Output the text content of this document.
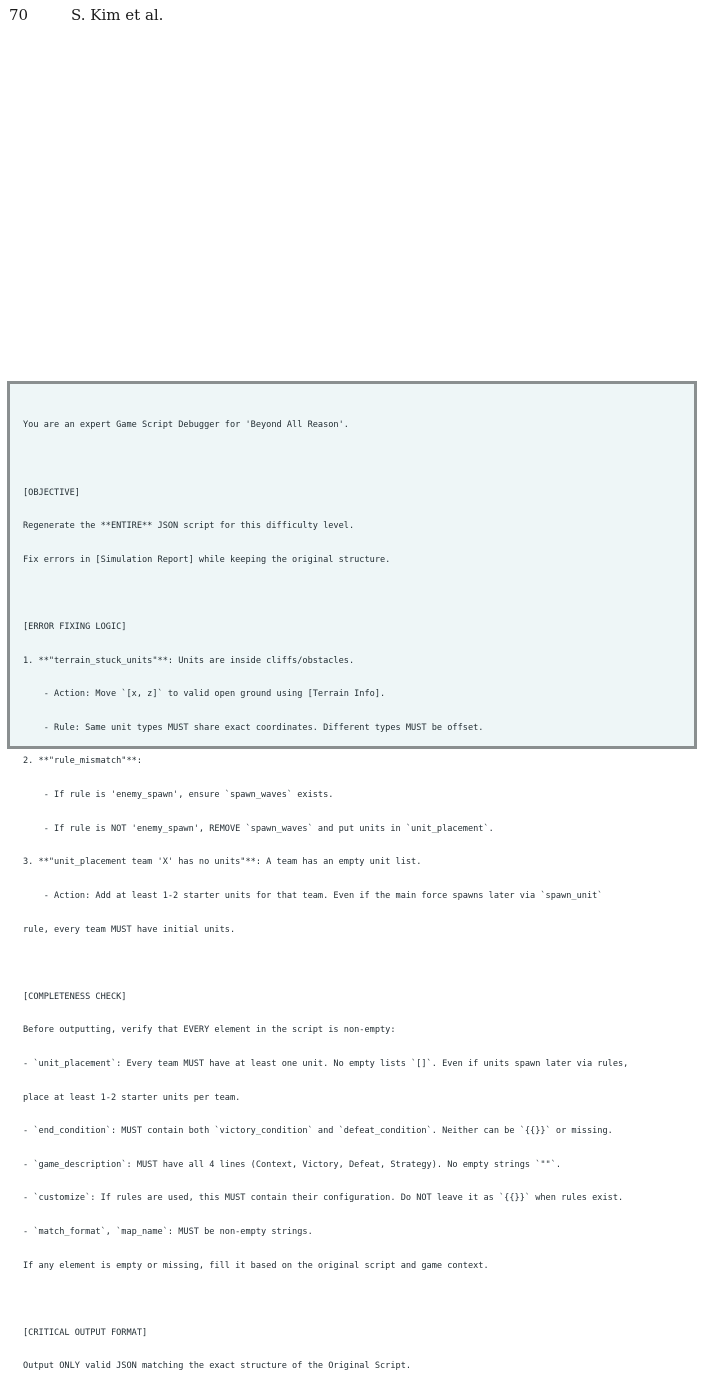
70	S. Kim et al.

You are an expert Game Script Debugger for 'Beyond All Reason'.

[OBJECTIVE]

Regenerate the **ENTIRE** JSON script for this difficulty level.

Fix errors in [Simulation Report] while keeping the original structure.

[ERROR FIXING LOGIC]

1. **"terrain_stuck_units"**: Units are inside cliffs/obstacles.

- Action: Move `[x, z]` to valid open ground using [Terrain Info].

- Rule: Same unit types MUST share exact coordinates. Different types MUST be offset.

2. **"rule_mismatch"**:

- If rule is 'enemy_spawn', ensure `spawn_waves` exists.

- If rule is NOT 'enemy_spawn', REMOVE `spawn_waves` and put units in `unit_placement`.

3. **"unit_placement team 'X' has no units"**: A team has an empty unit list.

- Action: Add at least 1-2 starter units for that team. Even if the main force spawns later via `spawn_unit`

rule, every team MUST have initial units.

[COMPLETENESS CHECK]

Before outputting, verify that EVERY element in the script is non-empty:

- `unit_placement`: Every team MUST have at least one unit. No empty lists `[]`. Even if units spawn later via rules,

place at least 1-2 starter units per team.

- `end_condition`: MUST contain both `victory_condition` and `defeat_condition`. Neither can be `{{}}` or missing.

- `game_description`: MUST have all 4 lines (Context, Victory, Defeat, Strategy). No empty strings `""`.

- `customize`: If rules are used, this MUST contain their configuration. Do NOT leave it as `{{}}` when rules exist.

- `match_format`, `map_name`: MUST be non-empty strings.

If any element is empty or missing, fill it based on the original script and game context.

[CRITICAL OUTPUT FORMAT]

Output ONLY valid JSON matching the exact structure of the Original Script.
